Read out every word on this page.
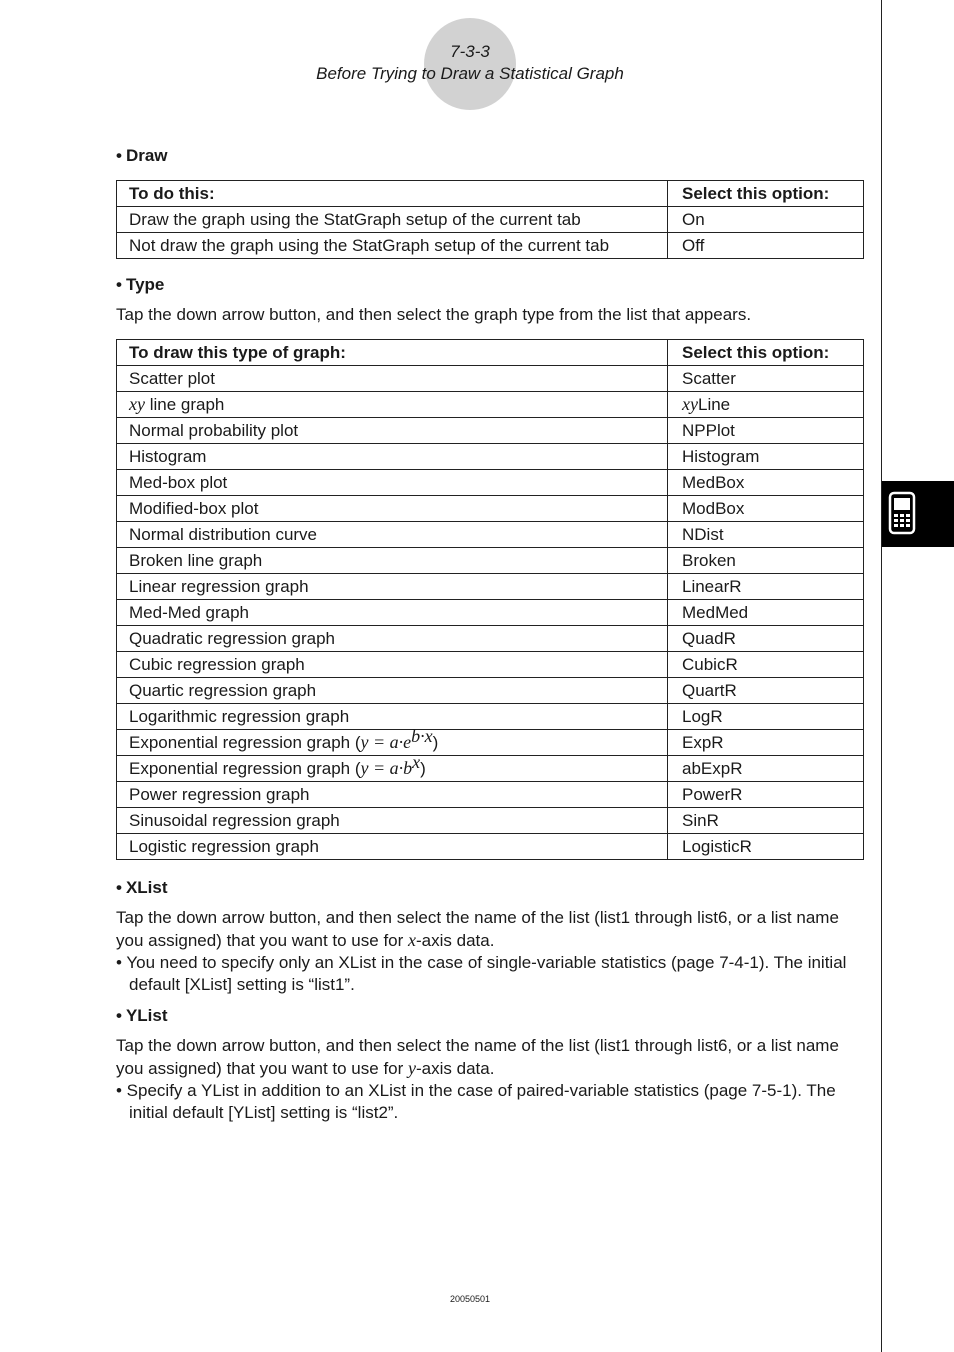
7-3-3
Before Trying to Draw a Statistical Graph

• Draw

To do this:	Select this option:
Draw the graph using the StatGraph setup of the current tab	On
Not draw the graph using the StatGraph setup of the current tab	Off

• Type

Tap the down arrow button, and then select the graph type from the list that appears.

To draw this type of graph:	Select this option:
Scatter plot	Scatter
xy line graph	xyLine
Normal probability plot	NPPlot
Histogram	Histogram
Med-box plot	MedBox
Modified-box plot	ModBox
Normal distribution curve	NDist
Broken line graph	Broken
Linear regression graph	LinearR
Med-Med graph	MedMed
Quadratic regression graph	QuadR
Cubic regression graph	CubicR
Quartic regression graph	QuartR
Logarithmic regression graph	LogR
Exponential regression graph $(y = a\cdot e^{b\cdot x})$	ExpR
Exponential regression graph $(y = a\cdot b^x)$	abExpR
Power regression graph	PowerR
Sinusoidal regression graph	SinR
Logistic regression graph	LogisticR

• XList

Tap the down arrow button, and then select the name of the list (list1 through list6, or a list name you assigned) that you want to use for x-axis data.

• You need to specify only an XList in the case of single-variable statistics (page 7-4-1). The initial default [XList] setting is “list1”.

• YList

Tap the down arrow button, and then select the name of the list (list1 through list6, or a list name you assigned) that you want to use for y-axis data.

• Specify a YList in addition to an XList in the case of paired-variable statistics (page 7-5-1). The initial default [YList] setting is “list2”.

20050501
